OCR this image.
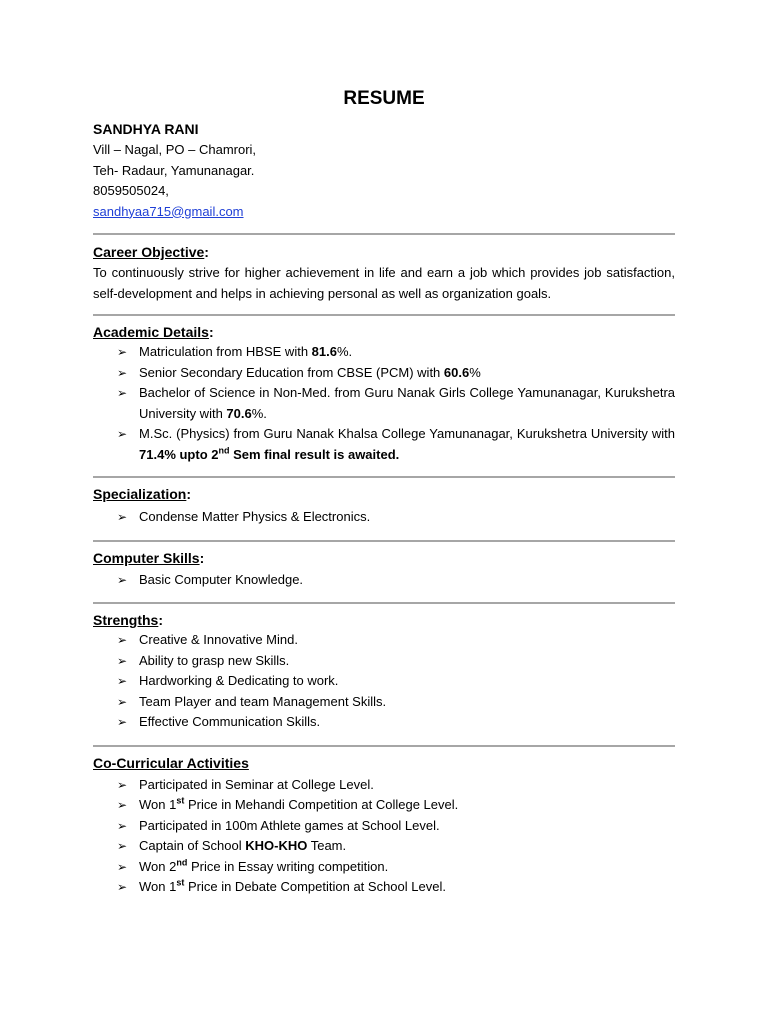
RESUME

SANDHYA RANI

Vill – Nagal, PO – Chamrori,

Teh- Radaur, Yamunanagar.

8059505024,

sandhyaa715@gmail.com

Career Objective:

To continuously strive for higher achievement in life and earn a job which provides job satisfaction, self-development and helps in achieving personal as well as organization goals.

Academic Details:

➢ Matriculation from HBSE with 81.6%.
➢ Senior Secondary Education from CBSE (PCM) with 60.6%
➢ Bachelor of Science in Non-Med. from Guru Nanak Girls College Yamunanagar, Kurukshetra University with 70.6%.
➢ M.Sc. (Physics) from Guru Nanak Khalsa College Yamunanagar, Kurukshetra University with 71.4% upto 2nd Sem final result is awaited.

Specialization:

➢ Condense Matter Physics & Electronics.

Computer Skills:

➢ Basic Computer Knowledge.

Strengths:

➢ Creative & Innovative Mind.
➢ Ability to grasp new Skills.
➢ Hardworking & Dedicating to work.
➢ Team Player and team Management Skills.
➢ Effective Communication Skills.

Co-Curricular Activities

➢ Participated in Seminar at College Level.
➢ Won 1st Price in Mehandi Competition at College Level.
➢ Participated in 100m Athlete games at School Level.
➢ Captain of School KHO-KHO Team.
➢ Won 2nd Price in Essay writing competition.
➢ Won 1st Price in Debate Competition at School Level.
